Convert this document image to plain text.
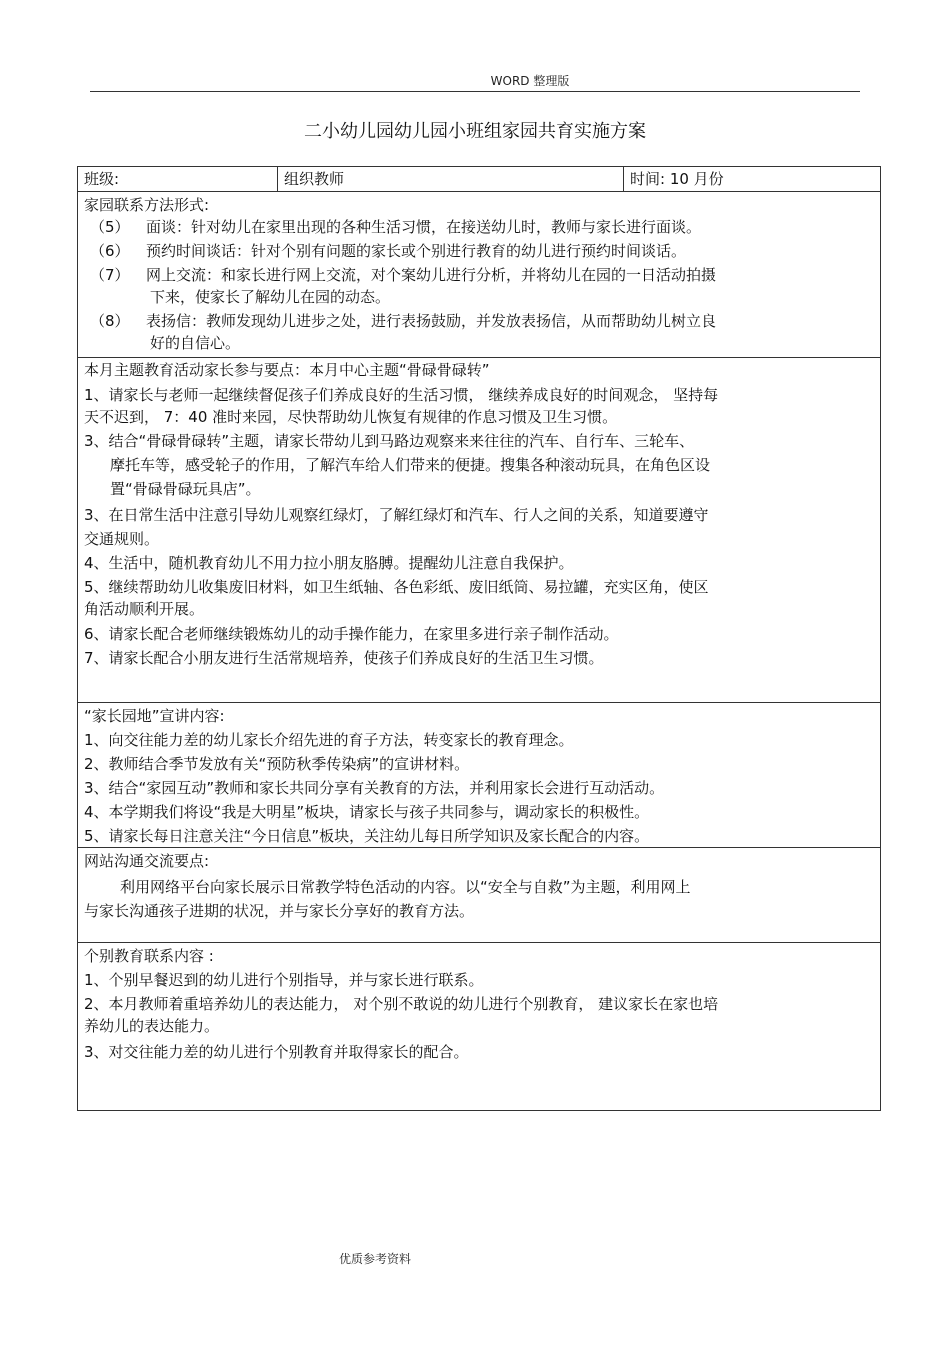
WORD 整理版
二小幼儿园幼儿园小班组家园共育实施方案

班级:	组织教师	时间: 10 月份

家园联系方法形式:

（5） 面谈：针对幼儿在家里出现的各种生活习惯，在接送幼儿时，教师与家长进行面谈。

（6） 预约时间谈话：针对个别有问题的家长或个别进行教育的幼儿进行预约时间谈话。

（7） 网上交流：和家长进行网上交流，对个案幼儿进行分析，并将幼儿在园的一日活动拍摄

下来，使家长了解幼儿在园的动态。

（8） 表扬信：教师发现幼儿进步之处，进行表扬鼓励，并发放表扬信，从而帮助幼儿树立良

好的自信心。

本月主题教育活动家长参与要点：本月中心主题“骨碌骨碌转”

1、请家长与老师一起继续督促孩子们养成良好的生活习惯， 继续养成良好的时间观念， 坚持每

天不迟到， 7：40 准时来园，尽快帮助幼儿恢复有规律的作息习惯及卫生习惯。

3、结合“骨碌骨碌转”主题，请家长带幼儿到马路边观察来来往往的汽车、自行车、三轮车、

摩托车等，感受轮子的作用，了解汽车给人们带来的便捷。搜集各种滚动玩具，在角色区设

置“骨碌骨碌玩具店”。

3、在日常生活中注意引导幼儿观察红绿灯，了解红绿灯和汽车、行人之间的关系，知道要遵守

交通规则。

4、生活中，随机教育幼儿不用力拉小朋友胳膊。提醒幼儿注意自我保护。

5、继续帮助幼儿收集废旧材料，如卫生纸轴、各色彩纸、废旧纸筒、易拉罐，充实区角，使区

角活动顺利开展。

6、请家长配合老师继续锻炼幼儿的动手操作能力，在家里多进行亲子制作活动。

7、请家长配合小朋友进行生活常规培养，使孩子们养成良好的生活卫生习惯。

“家长园地”宣讲内容:

1、向交往能力差的幼儿家长介绍先进的育子方法，转变家长的教育理念。

2、教师结合季节发放有关“预防秋季传染病”的宣讲材料。

3、结合“家园互动”教师和家长共同分享有关教育的方法，并利用家长会进行互动活动。

4、本学期我们将设“我是大明星”板块，请家长与孩子共同参与，调动家长的积极性。

5、请家长每日注意关注“今日信息”板块，关注幼儿每日所学知识及家长配合的内容。

网站沟通交流要点:

利用网络平台向家长展示日常教学特色活动的内容。以“安全与自救”为主题，利用网上

与家长沟通孩子进期的状况，并与家长分享好的教育方法。

个别教育联系内容 :

1、个别早餐迟到的幼儿进行个别指导，并与家长进行联系。

2、本月教师着重培养幼儿的表达能力， 对个别不敢说的幼儿进行个别教育， 建议家长在家也培

养幼儿的表达能力。

3、对交往能力差的幼儿进行个别教育并取得家长的配合。

优质参考资料
